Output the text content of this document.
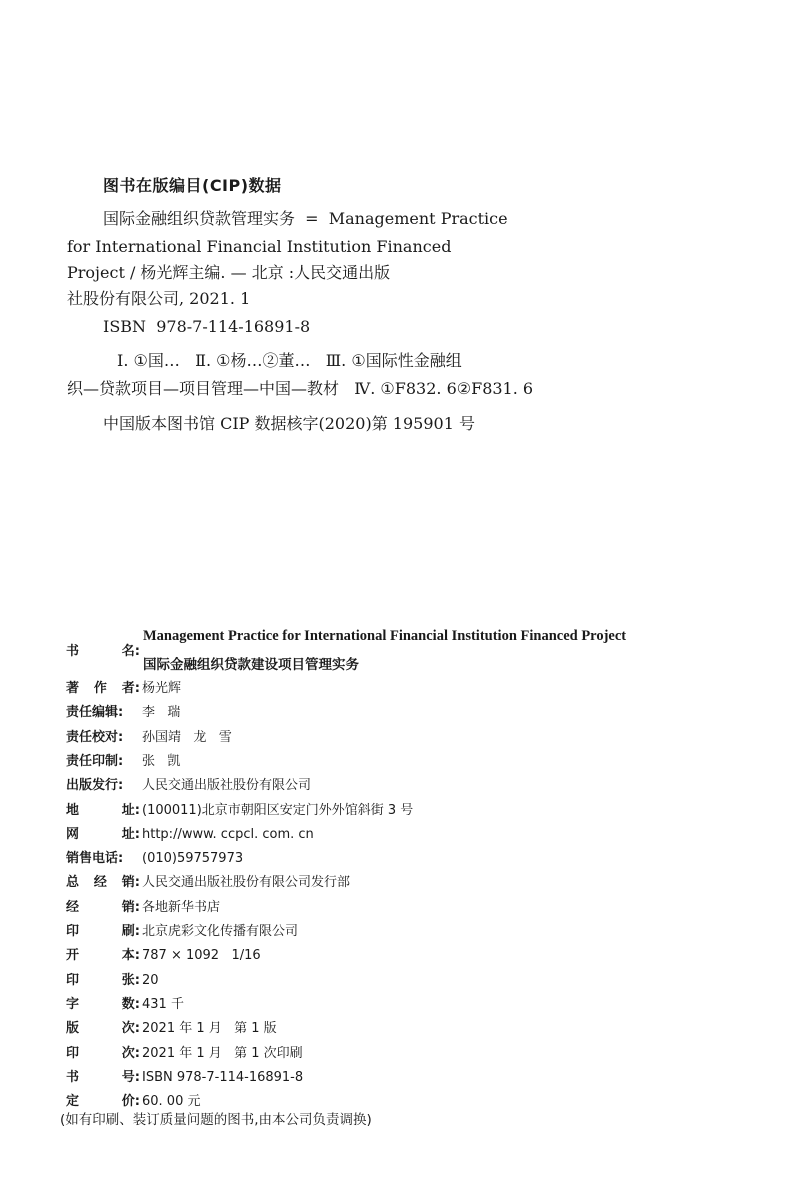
图书在版编目(CIP)数据
国际金融组织贷款管理实务  =  Management Practice
for International Financial Institution Financed
Project / 杨光辉主编. — 北京 :人民交通出版
社股份有限公司, 2021. 1
ISBN  978-7-114-16891-8
Ⅰ. ①国…   Ⅱ. ①杨…②董…   Ⅲ. ①国际性金融组
织—贷款项目—项目管理—中国—教材   Ⅳ. ①F832. 6②F831. 6
中国版本图书馆 CIP 数据核字(2020)第 195901 号
书	名:
Management Practice for International Financial Institution Financed Project
国际金融组织贷款建设项目管理实务
著 作 者: 杨光辉
责任编辑: 李   瑞
责任校对: 孙国靖   龙   雪
责任印制: 张   凯
出版发行: 人民交通出版社股份有限公司
地	址: (100011)北京市朝阳区安定门外外馆斜街 3 号
网	址: http://www. ccpcl. com. cn
销售电话: (010)59757973
总 经 销: 人民交通出版社股份有限公司发行部
经	销: 各地新华书店
印	刷: 北京虎彩文化传播有限公司
开	本: 787 × 1092   1/16
印	张: 20
字	数: 431 千
版	次: 2021 年 1 月   第 1 版
印	次: 2021 年 1 月   第 1 次印刷
书	号: ISBN 978-7-114-16891-8
定	价: 60. 00 元
(如有印刷、装订质量问题的图书,由本公司负责调换)
